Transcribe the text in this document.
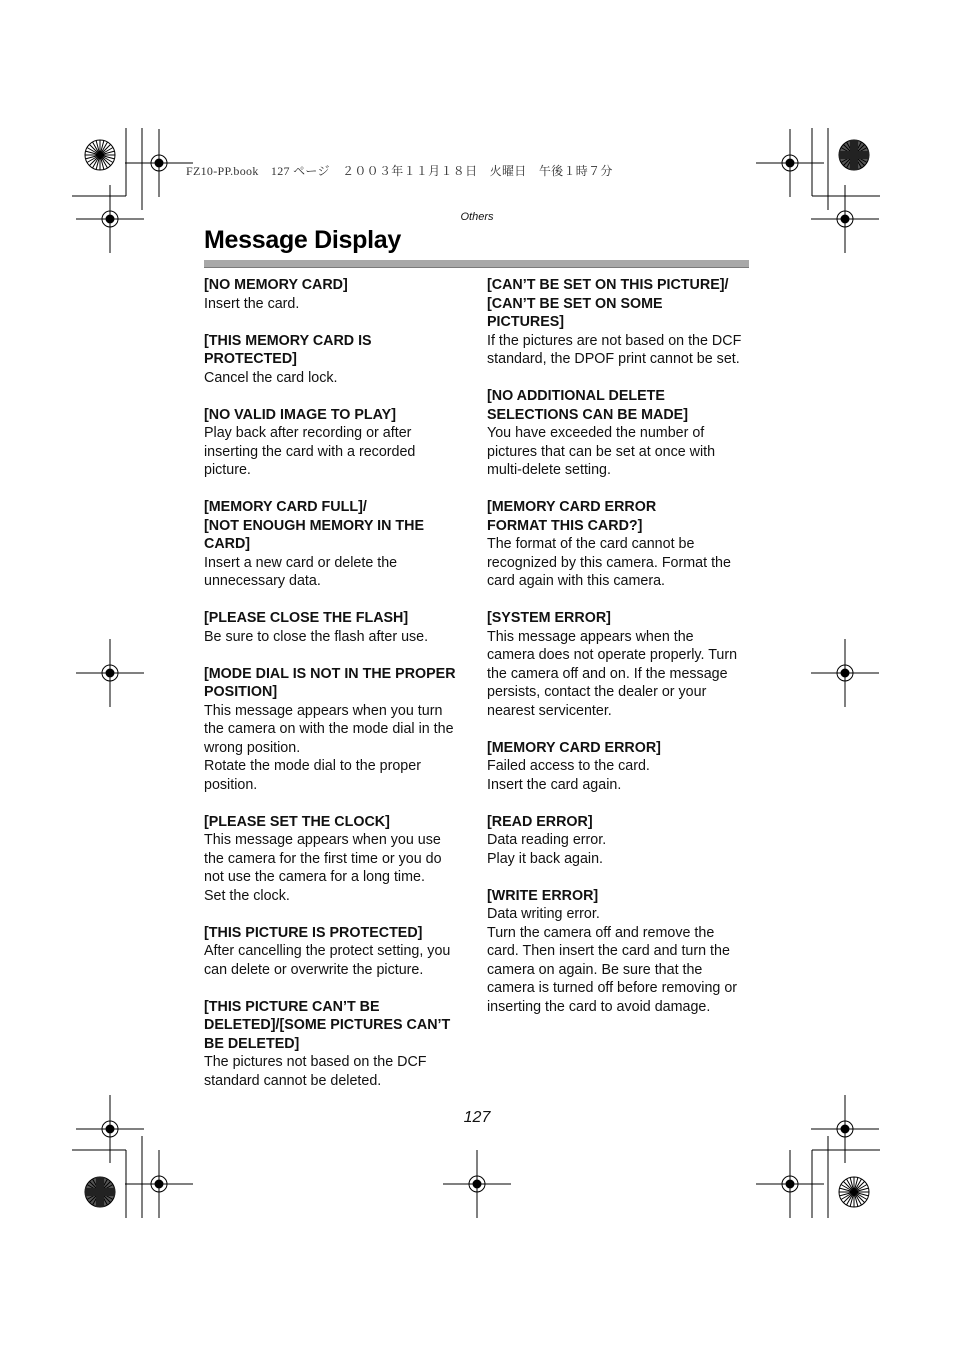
FZ10-PP.book　127 ページ　２００３年１１月１８日　火曜日　午後１時７分
Others
Message Display
[NO MEMORY CARD]
Insert the card.
[THIS MEMORY CARD IS
PROTECTED]
Cancel the card lock.
[NO VALID IMAGE TO PLAY]
Play back after recording or after
inserting the card with a recorded
picture.
[MEMORY CARD FULL]/
[NOT ENOUGH MEMORY IN THE
CARD]
Insert a new card or delete the
unnecessary data.
[PLEASE CLOSE THE FLASH]
Be sure to close the flash after use.
[MODE DIAL IS NOT IN THE PROPER
POSITION]
This message appears when you turn
the camera on with the mode dial in the
wrong position.
Rotate the mode dial to the proper
position.
[PLEASE SET THE CLOCK]
This message appears when you use
the camera for the first time or you do
not use the camera for a long time.
Set the clock.
[THIS PICTURE IS PROTECTED]
After cancelling the protect setting, you
can delete or overwrite the picture.
[THIS PICTURE CAN’T BE
DELETED]/[SOME PICTURES CAN’T
BE DELETED]
The pictures not based on the DCF
standard cannot be deleted.
[CAN’T BE SET ON THIS PICTURE]/
[CAN’T BE SET ON SOME
PICTURES]
If the pictures are not based on the DCF
standard, the DPOF print cannot be set.
[NO ADDITIONAL DELETE
SELECTIONS CAN BE MADE]
You have exceeded the number of
pictures that can be set at once with
multi-delete setting.
[MEMORY CARD ERROR
FORMAT THIS CARD?]
The format of the card cannot be
recognized by this camera. Format the
card again with this camera.
[SYSTEM ERROR]
This message appears when the
camera does not operate properly. Turn
the camera off and on. If the message
persists, contact the dealer or your
nearest servicenter.
[MEMORY CARD ERROR]
Failed access to the card.
Insert the card again.
[READ ERROR]
Data reading error.
Play it back again.
[WRITE ERROR]
Data writing error.
Turn the camera off and remove the
card. Then insert the card and turn the
camera on again. Be sure that the
camera is turned off before removing or
inserting the card to avoid damage.
127
